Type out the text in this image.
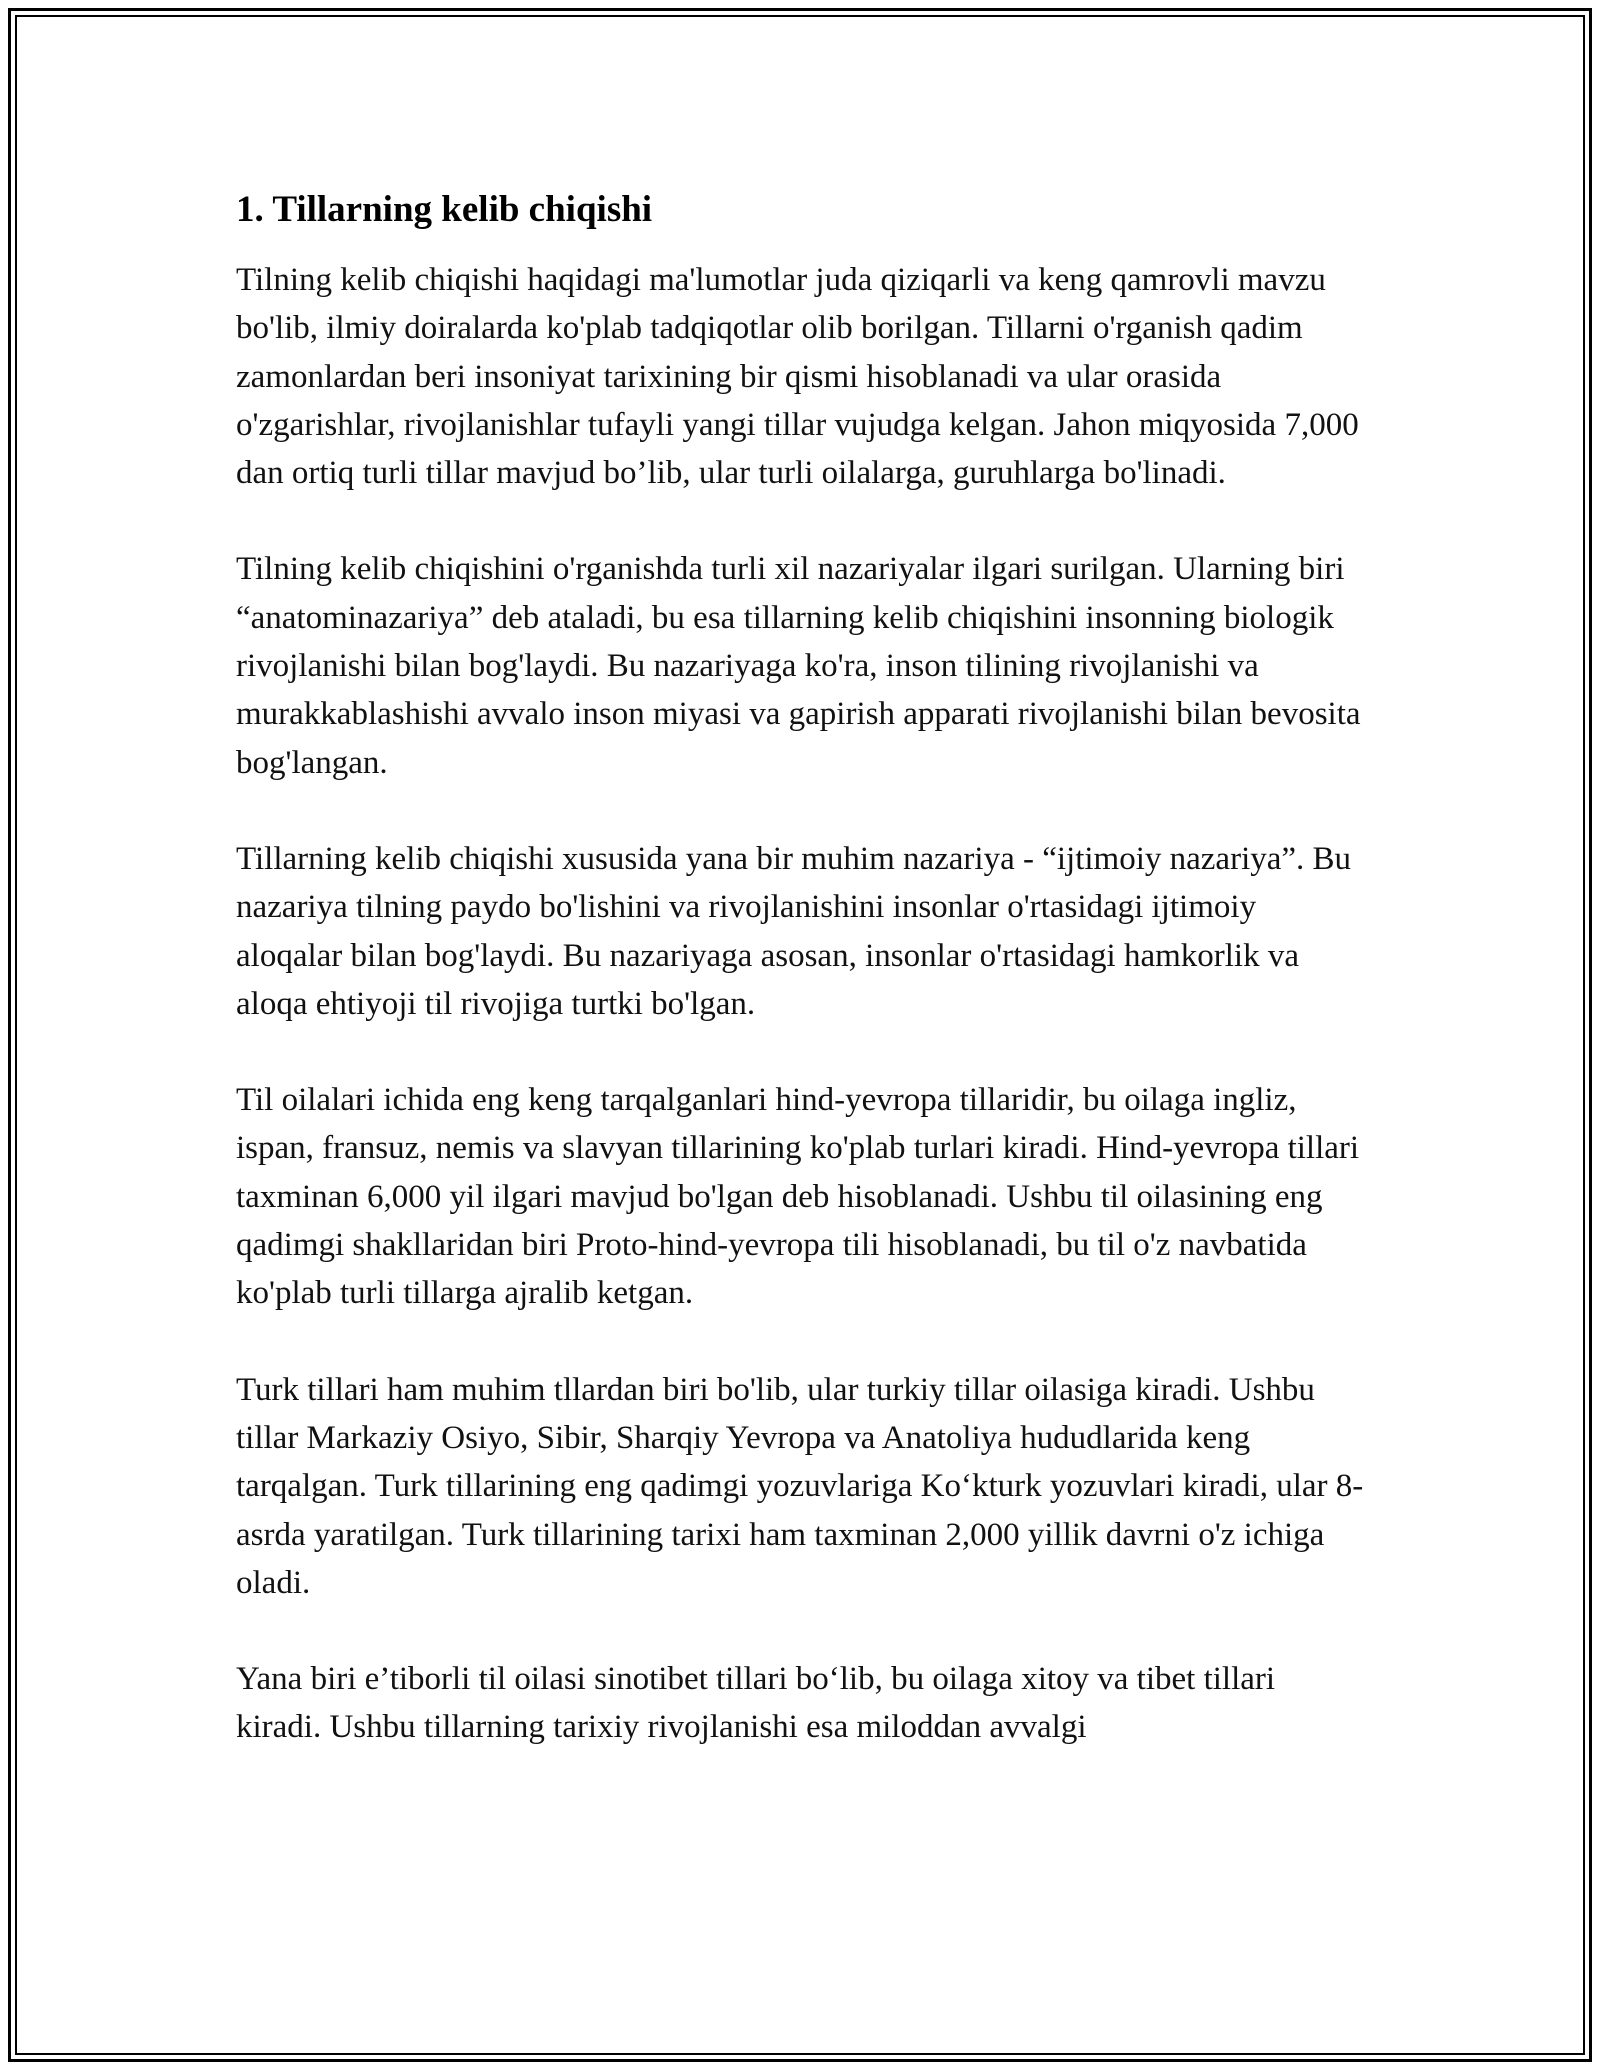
1. Tillarning kelib chiqishi

Tilning kelib chiqishi haqidagi ma'lumotlar juda qiziqarli va keng qamrovli mavzu bo'lib, ilmiy doiralarda ko'plab tadqiqotlar olib borilgan. Tillarni o'rganish qadim zamonlardan beri insoniyat tarixining bir qismi hisoblanadi va ular orasida o'zgarishlar, rivojlanishlar tufayli yangi tillar vujudga kelgan. Jahon miqyosida 7,000 dan ortiq turli tillar mavjud bo’lib, ular turli oilalarga, guruhlarga bo'linadi.

Tilning kelib chiqishini o'rganishda turli xil nazariyalar ilgari surilgan. Ularning biri “anatominazariya” deb ataladi, bu esa tillarning kelib chiqishini insonning biologik rivojlanishi bilan bog'laydi. Bu nazariyaga ko'ra, inson tilining rivojlanishi va murakkablashishi avvalo inson miyasi va gapirish apparati rivojlanishi bilan bevosita bog'langan.

Tillarning kelib chiqishi xususida yana bir muhim nazariya - “ijtimoiy nazariya”. Bu nazariya tilning paydo bo'lishini va rivojlanishini insonlar o'rtasidagi ijtimoiy aloqalar bilan bog'laydi. Bu nazariyaga asosan, insonlar o'rtasidagi hamkorlik va aloqa ehtiyoji til rivojiga turtki bo'lgan.

Til oilalari ichida eng keng tarqalganlari hind-yevropa tillaridir, bu oilaga ingliz, ispan, fransuz, nemis va slavyan tillarining ko'plab turlari kiradi. Hind-yevropa tillari taxminan 6,000 yil ilgari mavjud bo'lgan deb hisoblanadi. Ushbu til oilasining eng qadimgi shakllaridan biri Proto-hind-yevropa tili hisoblanadi, bu til o'z navbatida ko'plab turli tillarga ajralib ketgan.

Turk tillari ham muhim tllardan biri bo'lib, ular turkiy tillar oilasiga kiradi. Ushbu tillar Markaziy Osiyo, Sibir, Sharqiy Yevropa va Anatoliya hududlarida keng tarqalgan. Turk tillarining eng qadimgi yozuvlariga Ko‘kturk yozuvlari kiradi, ular 8-asrda yaratilgan. Turk tillarining tarixi ham taxminan 2,000 yillik davrni o'z ichiga oladi.

Yana biri e’tiborli til oilasi sinotibet tillari bo‘lib, bu oilaga xitoy va tibet tillari kiradi. Ushbu tillarning tarixiy rivojlanishi esa miloddan avvalgi
